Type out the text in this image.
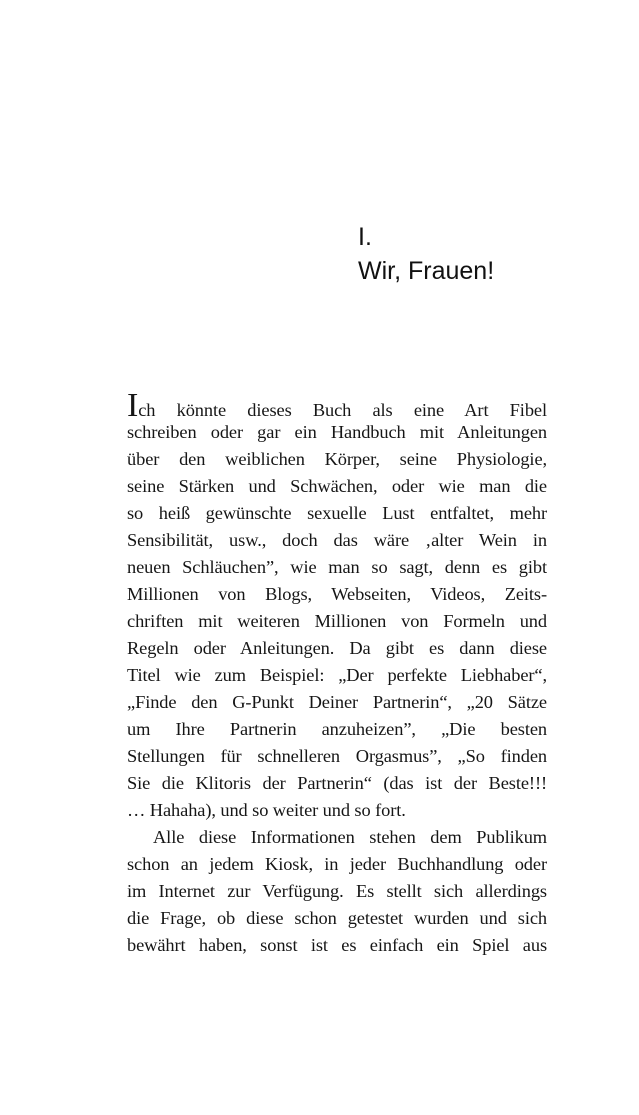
I.
Wir, Frauen!
Ich könnte dieses Buch als eine Art Fibel
schreiben oder gar ein Handbuch mit Anleitungen
über den weiblichen Körper, seine Physiologie,
seine Stärken und Schwächen, oder wie man die
so heiß gewünschte sexuelle Lust entfaltet, mehr
Sensibilität, usw., doch das wäre ‚alter Wein in
neuen Schläuchen”, wie man so sagt, denn es gibt
Millionen von Blogs, Webseiten, Videos, Zeits-
chriften mit weiteren Millionen von Formeln und
Regeln oder Anleitungen. Da gibt es dann diese
Titel wie zum Beispiel: „Der perfekte Liebhaber“,
„Finde den G-Punkt Deiner Partnerin“, „20 Sätze
um Ihre Partnerin anzuheizen”, „Die besten
Stellungen für schnelleren Orgasmus”, „So finden
Sie die Klitoris der Partnerin“ (das ist der Beste!!!
… Hahaha), und so weiter und so fort.
Alle diese Informationen stehen dem Publikum
schon an jedem Kiosk, in jeder Buchhandlung oder
im Internet zur Verfügung. Es stellt sich allerdings
die Frage, ob diese schon getestet wurden und sich
bewährt haben, sonst ist es einfach ein Spiel aus
